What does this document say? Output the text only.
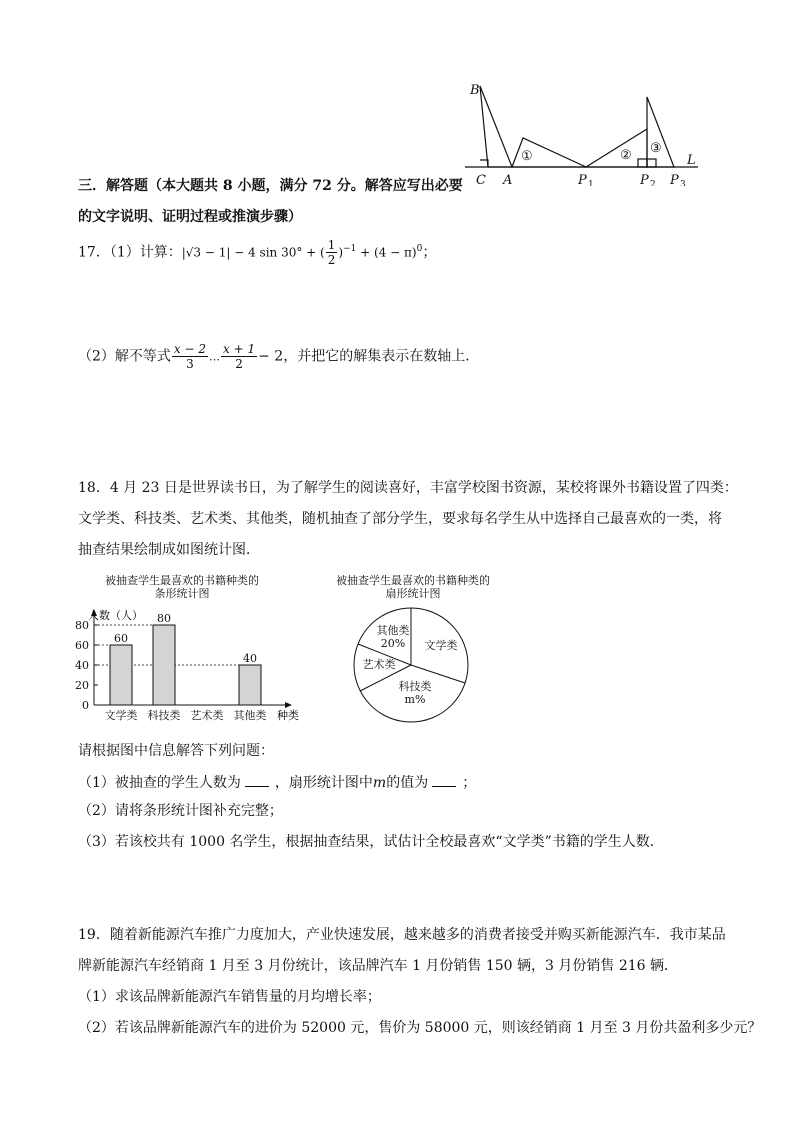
B
C A	P	P P
L
1	2	3
①	② ③
三．解答题（本大题共 8 小题，满分 72 分。解答应写出必要
的文字说明、证明过程或推演步骤）
17．（1）计算：|√3 − 1| − 4 sin 30° + ( $\frac{1}{2} )^{-1} + (4 - \pi)^0$；
（2）解不等式 $\frac{x - 2}{3}$ … $\frac{x + 1}{2} - 2$，并把它的解集表示在数轴上．
18．4 月 23 日是世界读书日，为了解学生的阅读喜好，丰富学校图书资源，某校将课外书籍设置了四类：
文学类、科技类、艺术类、其他类，随机抽查了部分学生，要求每名学生从中选择自己最喜欢的一类，将
抽查结果绘制成如图统计图．
被抽查学生最喜欢的书籍种类的
条形统计图
人数（人）
种类
0
20
40
60
80
文学类 科技类 艺术类 其他类
60
80
40
被抽查学生最喜欢的书籍种类的
扇形统计图
文学类
科技类
m%
艺术类
其他类
20%
请根据图中信息解答下列问题：
（1）被抽查的学生人数为 ，扇形统计图中m的值为 ；
（2）请将条形统计图补充完整；
（3）若该校共有 1000 名学生，根据抽查结果，试估计全校最喜欢“文学类”书籍的学生人数．
19．随着新能源汽车推广力度加大，产业快速发展，越来越多的消费者接受并购买新能源汽车．我市某品
牌新能源汽车经销商 1 月至 3 月份统计，该品牌汽车 1 月份销售 150 辆，3 月份销售 216 辆．
（1）求该品牌新能源汽车销售量的月均增长率；
（2）若该品牌新能源汽车的进价为 52000 元，售价为 58000 元，则该经销商 1 月至 3 月份共盈利多少元？
